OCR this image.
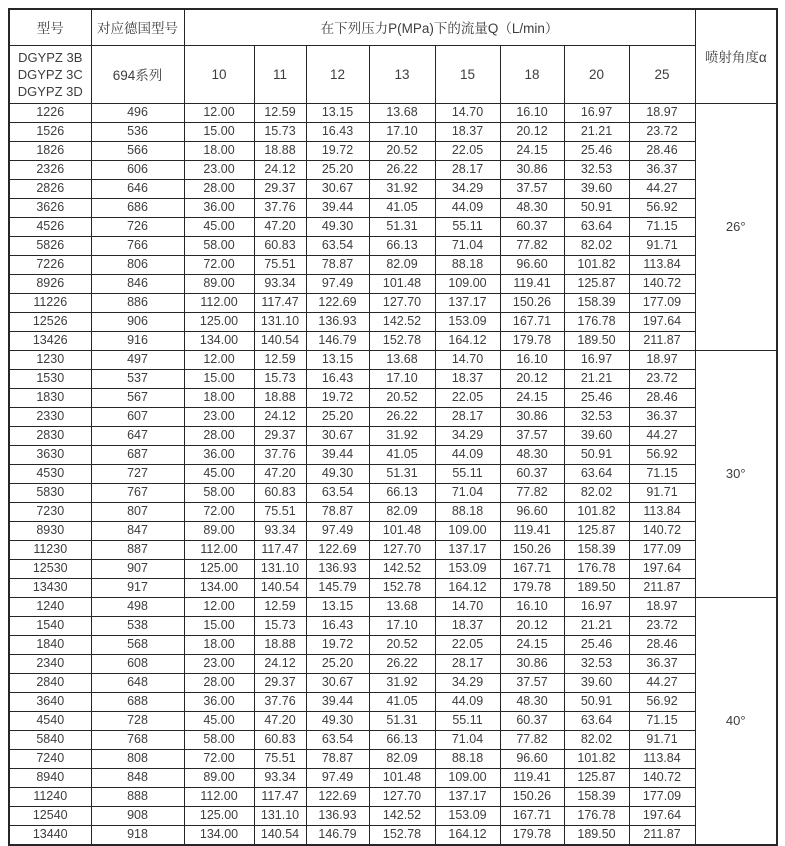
型号	对应德国型号	在下列压力P(MPa)下的流量Q（L/min）								喷射角度α

DGYPZ 3B
DGYPZ 3C
DGYPZ 3D	694系列	10	11	12	13	15	18	20	25	
1226	496	12.00	12.59	13.15	13.68	14.70	16.10	16.97	18.97	26°
1526	536	15.00	15.73	16.43	17.10	18.37	20.12	21.21	23.72	
1826	566	18.00	18.88	19.72	20.52	22.05	24.15	25.46	28.46	
2326	606	23.00	24.12	25.20	26.22	28.17	30.86	32.53	36.37	
2826	646	28.00	29.37	30.67	31.92	34.29	37.57	39.60	44.27	
3626	686	36.00	37.76	39.44	41.05	44.09	48.30	50.91	56.92	
4526	726	45.00	47.20	49.30	51.31	55.11	60.37	63.64	71.15	
5826	766	58.00	60.83	63.54	66.13	71.04	77.82	82.02	91.71	
7226	806	72.00	75.51	78.87	82.09	88.18	96.60	101.82	113.84	
8926	846	89.00	93.34	97.49	101.48	109.00	119.41	125.87	140.72	
11226	886	112.00	117.47	122.69	127.70	137.17	150.26	158.39	177.09	
12526	906	125.00	131.10	136.93	142.52	153.09	167.71	176.78	197.64	
13426	916	134.00	140.54	146.79	152.78	164.12	179.78	189.50	211.87	
1230	497	12.00	12.59	13.15	13.68	14.70	16.10	16.97	18.97	30°
1530	537	15.00	15.73	16.43	17.10	18.37	20.12	21.21	23.72	
1830	567	18.00	18.88	19.72	20.52	22.05	24.15	25.46	28.46	
2330	607	23.00	24.12	25.20	26.22	28.17	30.86	32.53	36.37	
2830	647	28.00	29.37	30.67	31.92	34.29	37.57	39.60	44.27	
3630	687	36.00	37.76	39.44	41.05	44.09	48.30	50.91	56.92	
4530	727	45.00	47.20	49.30	51.31	55.11	60.37	63.64	71.15	
5830	767	58.00	60.83	63.54	66.13	71.04	77.82	82.02	91.71	
7230	807	72.00	75.51	78.87	82.09	88.18	96.60	101.82	113.84	
8930	847	89.00	93.34	97.49	101.48	109.00	119.41	125.87	140.72	
11230	887	112.00	117.47	122.69	127.70	137.17	150.26	158.39	177.09	
12530	907	125.00	131.10	136.93	142.52	153.09	167.71	176.78	197.64	
13430	917	134.00	140.54	145.79	152.78	164.12	179.78	189.50	211.87	
1240	498	12.00	12.59	13.15	13.68	14.70	16.10	16.97	18.97	40°
1540	538	15.00	15.73	16.43	17.10	18.37	20.12	21.21	23.72	
1840	568	18.00	18.88	19.72	20.52	22.05	24.15	25.46	28.46	
2340	608	23.00	24.12	25.20	26.22	28.17	30.86	32.53	36.37	
2840	648	28.00	29.37	30.67	31.92	34.29	37.57	39.60	44.27	
3640	688	36.00	37.76	39.44	41.05	44.09	48.30	50.91	56.92	
4540	728	45.00	47.20	49.30	51.31	55.11	60.37	63.64	71.15	
5840	768	58.00	60.83	63.54	66.13	71.04	77.82	82.02	91.71	
7240	808	72.00	75.51	78.87	82.09	88.18	96.60	101.82	113.84	
8940	848	89.00	93.34	97.49	101.48	109.00	119.41	125.87	140.72	
11240	888	112.00	117.47	122.69	127.70	137.17	150.26	158.39	177.09	
12540	908	125.00	131.10	136.93	142.52	153.09	167.71	176.78	197.64	
13440	918	134.00	140.54	146.79	152.78	164.12	179.78	189.50	211.87	
